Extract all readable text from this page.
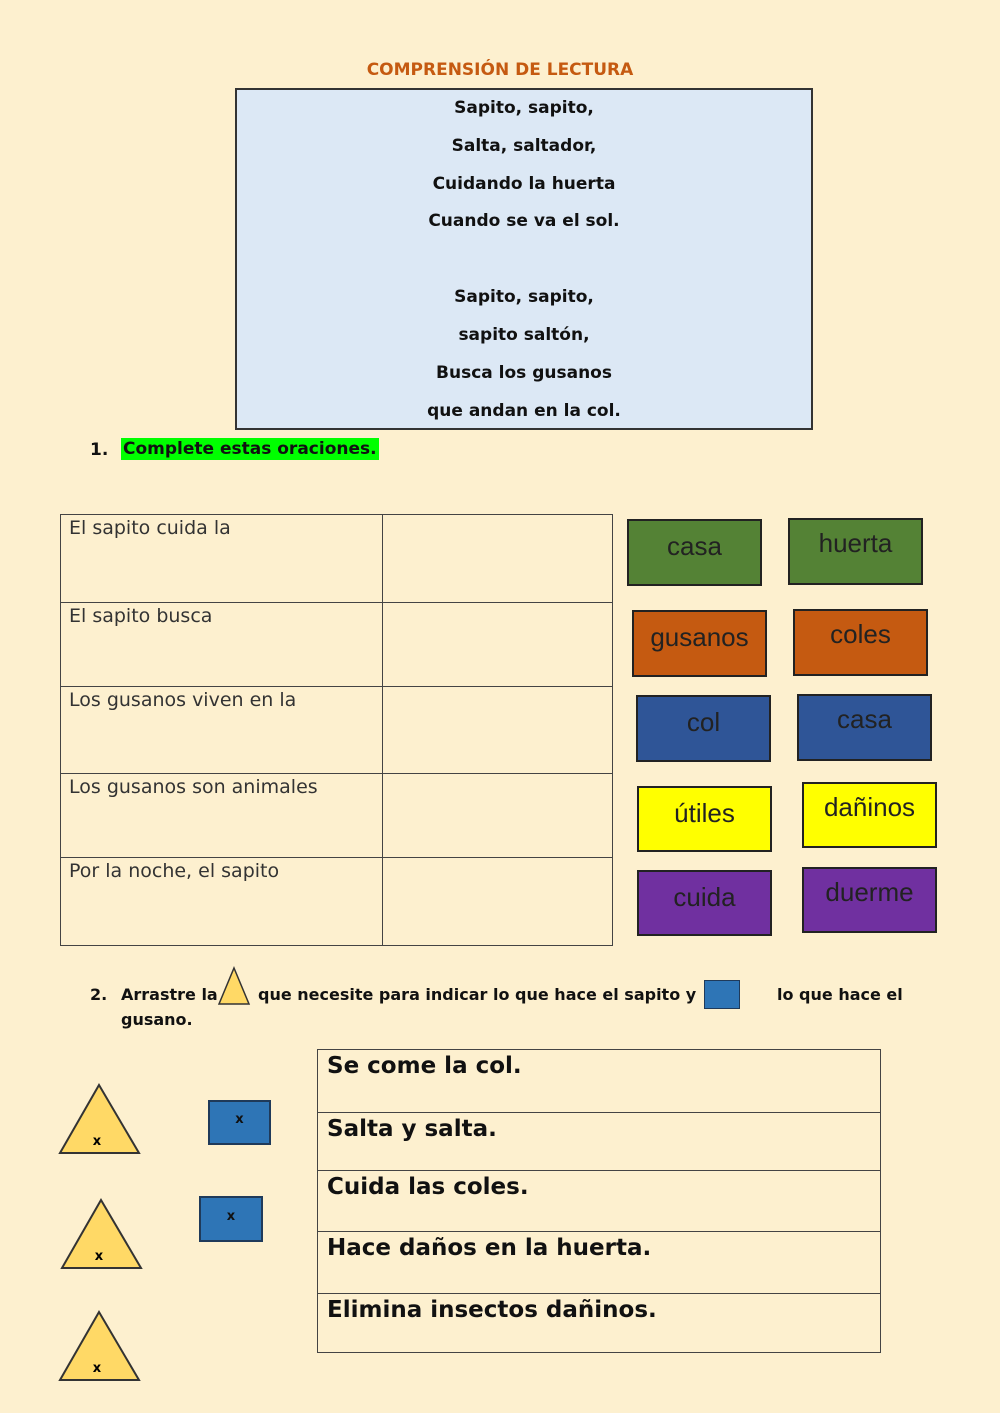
COMPRENSIÓN DE LECTURA
Sapito, sapito,
Salta, saltador,
Cuidando la huerta
Cuando se va el sol.
Sapito, sapito,
sapito saltón,
Busca los gusanos
que andan en la col.
1. Complete estas oraciones.
El sapito cuida la	
El sapito busca	
Los gusanos viven en la	
Los gusanos son animales	
Por la noche, el sapito	
casa	huerta
gusanos	coles
col	casa
útiles	dañinos
cuida	duerme
2. Arrastre la	que necesite para indicar lo que hace el sapito y	lo que hace el
gusano.
x
x
x
x
x
Se come la col.
Salta y salta.
Cuida las coles.
Hace daños en la huerta.
Elimina insectos dañinos.
